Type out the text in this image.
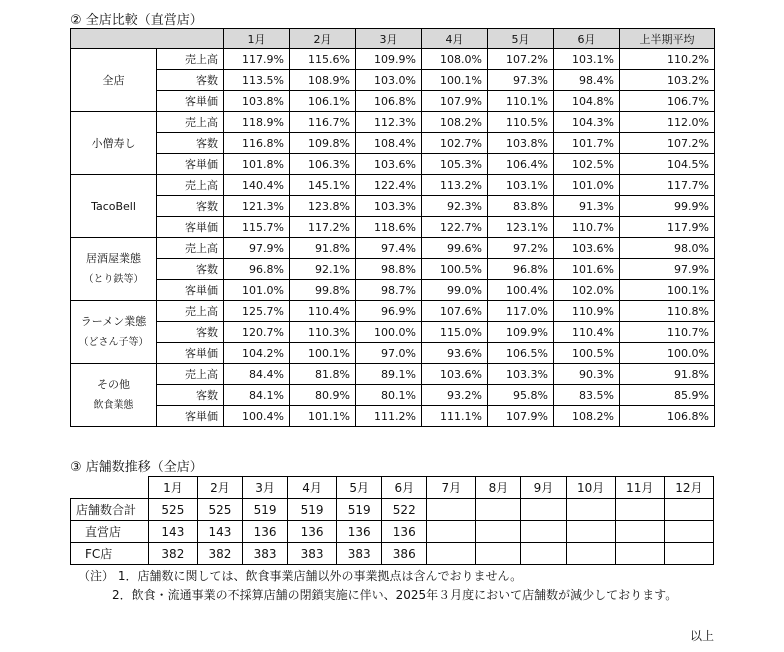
② 全店比較（直営店）
		1月	2月	3月	4月	5月	6月	上半期平均

全店	売上高	117.9%	115.6%	109.9%	108.0%	107.2%	103.1%	110.2%
	客数	113.5%	108.9%	103.0%	100.1%	97.3%	98.4%	103.2%
	客単価	103.8%	106.1%	106.8%	107.9%	110.1%	104.8%	106.7%

小僧寿し	売上高	118.9%	116.7%	112.3%	108.2%	110.5%	104.3%	112.0%
	客数	116.8%	109.8%	108.4%	102.7%	103.8%	101.7%	107.2%
	客単価	101.8%	106.3%	103.6%	105.3%	106.4%	102.5%	104.5%

TacoBell	売上高	140.4%	145.1%	122.4%	113.2%	103.1%	101.0%	117.7%
	客数	121.3%	123.8%	103.3%	92.3%	83.8%	91.3%	99.9%
	客単価	115.7%	117.2%	118.6%	122.7%	123.1%	110.7%	117.9%

居酒屋業態
（とり鉄等）	売上高	97.9%	91.8%	97.4%	99.6%	97.2%	103.6%	98.0%
	客数	96.8%	92.1%	98.8%	100.5%	96.8%	101.6%	97.9%
	客単価	101.0%	99.8%	98.7%	99.0%	100.4%	102.0%	100.1%

ラーメン業態
（どさん子等）	売上高	125.7%	110.4%	96.9%	107.6%	117.0%	110.9%	110.8%
	客数	120.7%	110.3%	100.0%	115.0%	109.9%	110.4%	110.7%
	客単価	104.2%	100.1%	97.0%	93.6%	106.5%	100.5%	100.0%

その他
飲食業態	売上高	84.4%	81.8%	89.1%	103.6%	103.3%	90.3%	91.8%
	客数	84.1%	80.9%	80.1%	93.2%	95.8%	83.5%	85.9%
	客単価	100.4%	101.1%	111.2%	111.1%	107.9%	108.2%	106.8%
③ 店舗数推移（全店）
	1月	2月	3月	4月	5月	6月	7月	8月	9月	10月	11月	12月
店舗数合計	525	525	519	519	519	522						
直営店	143	143	136	136	136	136						
FC店	382	382	383	383	383	386						
（注） 1．店舗数に関しては、飲食事業店舗以外の事業拠点は含んでおりません。
2．飲食・流通事業の不採算店舗の閉鎖実施に伴い、2025年３月度において店舗数が減少しております。
以上
